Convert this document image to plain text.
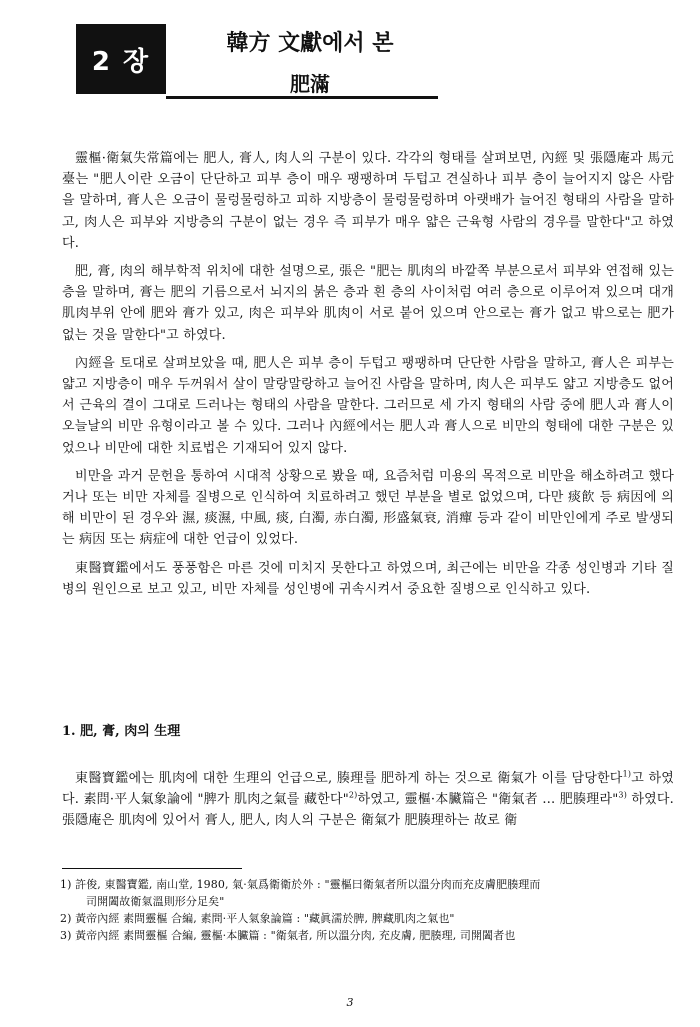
2 장
韓方 文獻에서 본
肥滿

靈樞·衛氣失常篇에는 肥人, 膏人, 肉人의 구분이 있다. 각각의 형태를 살펴보면, 內經 및 張隱庵과 馬元臺는 "肥人이란 오금이 단단하고 피부 층이 매우 팽팽하며 두텁고 견실하나 피부 층이 늘어지지 않은 사람을 말하며, 膏人은 오금이 물렁물렁하고 피하 지방층이 물렁물렁하며 아랫배가 늘어진 형태의 사람을 말하고, 肉人은 피부와 지방층의 구분이 없는 경우 즉 피부가 매우 얇은 근육형 사람의 경우를 말한다"고 하였다.

肥, 膏, 肉의 해부학적 위치에 대한 설명으로, 張은 "肥는 肌肉의 바깥쪽 부분으로서 피부와 연접해 있는 층을 말하며, 膏는 肥의 기름으로서 뇌지의 붉은 층과 흰 층의 사이처럼 여러 층으로 이루어져 있으며 대개 肌肉부위 안에 肥와 膏가 있고, 肉은 피부와 肌肉이 서로 붙어 있으며 안으로는 膏가 없고 밖으로는 肥가 없는 것을 말한다"고 하였다.

內經을 토대로 살펴보았을 때, 肥人은 피부 층이 두텁고 팽팽하며 단단한 사람을 말하고, 膏人은 피부는 얇고 지방층이 매우 두꺼워서 살이 말랑말랑하고 늘어진 사람을 말하며, 肉人은 피부도 얇고 지방층도 없어서 근육의 결이 그대로 드러나는 형태의 사람을 말한다. 그러므로 세 가지 형태의 사람 중에 肥人과 膏人이 오늘날의 비만 유형이라고 볼 수 있다. 그러나 內經에서는 肥人과 膏人으로 비만의 형태에 대한 구분은 있었으나 비만에 대한 치료법은 기재되어 있지 않다.

비만을 과거 문헌을 통하여 시대적 상황으로 봤을 때, 요즘처럼 미용의 목적으로 비만을 해소하려고 했다거나 또는 비만 자체를 질병으로 인식하여 치료하려고 했던 부분을 별로 없었으며, 다만 痰飮 등 病因에 의해 비만이 된 경우와 濕, 痰濕, 中風, 痰, 白濁, 赤白濁, 形盛氣衰, 消癉 등과 같이 비만인에게 주로 발생되는 病因 또는 病症에 대한 언급이 있었다.

東醫寶鑑에서도 풍풍함은 마른 것에 미치지 못한다고 하였으며, 최근에는 비만을 각종 성인병과 기타 질병의 원인으로 보고 있고, 비만 자체를 성인병에 귀속시켜서 중요한 질병으로 인식하고 있다.

1. 肥, 膏, 肉의 生理

東醫寶鑑에는 肌肉에 대한 生理의 언급으로, 腠理를 肥하게 하는 것으로 衛氣가 이를 담당한다$^{1)}$고 하였다. 素問·平人氣象論에 "脾가 肌肉之氣를 藏한다"$^{2)}$하였고, 靈樞·本臟篇은 "衛氣者 … 肥腠理라"$^{3)}$ 하였다. 張隱庵은 肌肉에 있어서 膏人, 肥人, 肉人의 구분은 衛氣가 肥腠理하는 故로 衛

1) 許俊, 東醫寶鑑, 南山堂, 1980, 氣·氣爲衛衛於外 : "靈樞曰衛氣者所以溫分肉而充皮膚肥腠理而
司開闔故衛氣溫則形分足矣"

2) 黃帝內經 素問靈樞 合編, 素問·平人氣象論篇 : "藏眞濡於脾, 脾藏肌肉之氣也"

3) 黃帝內經 素問靈樞 合編, 靈樞·本臟篇 : "衛氣者, 所以溫分肉, 充皮膚, 肥腠理, 司開闔者也

3
